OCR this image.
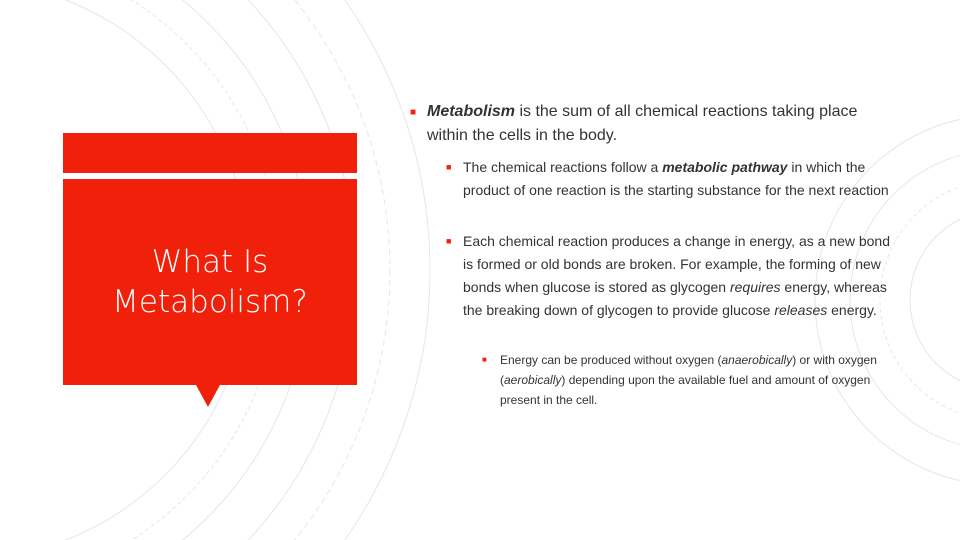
What Is
Metabolism?
■ Metabolism is the sum of all chemical reactions taking place within the cells in the body.
■ The chemical reactions follow a metabolic pathway in which the product of one reaction is the starting substance for the next reaction
■ Each chemical reaction produces a change in energy, as a new bond is formed or old bonds are broken. For example, the forming of new bonds when glucose is stored as glycogen requires energy, whereas the breaking down of glycogen to provide glucose releases energy.
■	Energy can be produced without oxygen (anaerobically) or with oxygen (aerobically) depending upon the available fuel and amount of oxygen present in the cell.
